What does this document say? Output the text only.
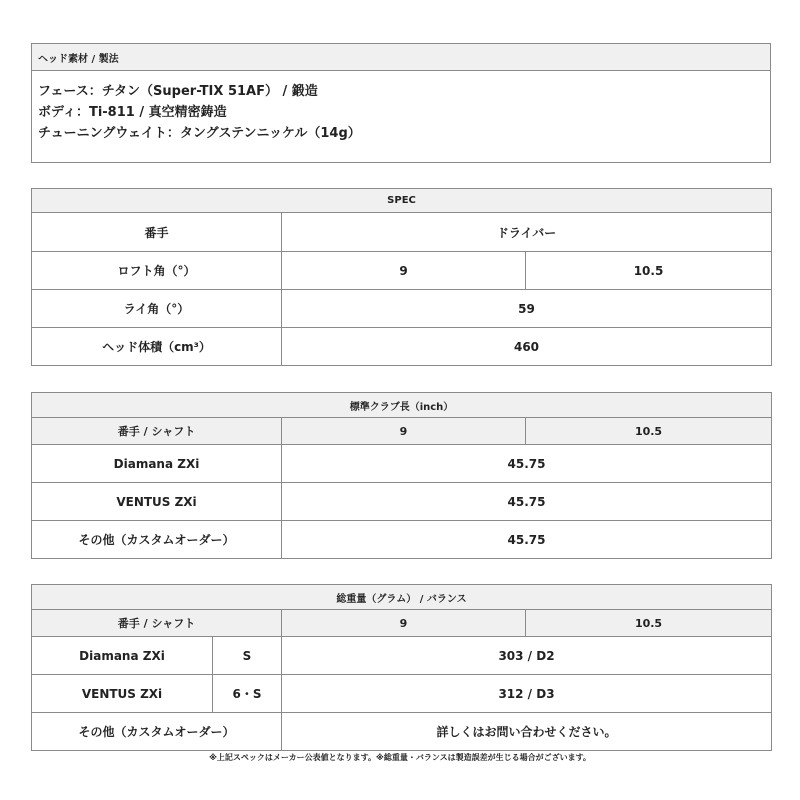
ヘッド素材 / 製法

フェース：チタン（Super-TIX 51AF） / 鍛造
ボディ：Ti-811 / 真空精密鋳造
チューニングウェイト：タングステンニッケル（14g）
SPEC		
番手	ドライバー	
ロフト角（°）	9	10.5
ライ角（°）	59	
ヘッド体積（cm³）	460	
標準クラブ長（inch）		
番手 / シャフト	9	10.5
Diamana ZXi	45.75	
VENTUS ZXi	45.75	
その他（カスタムオーダー）	45.75	
総重量（グラム） / バランス			
番手 / シャフト		9	10.5
Diamana ZXi	S	303 / D2	
VENTUS ZXi	6・S	312 / D3	
その他（カスタムオーダー）		詳しくはお問い合わせください。	
※上記スペックはメーカー公表値となります。※総重量・バランスは製造誤差が生じる場合がございます。
